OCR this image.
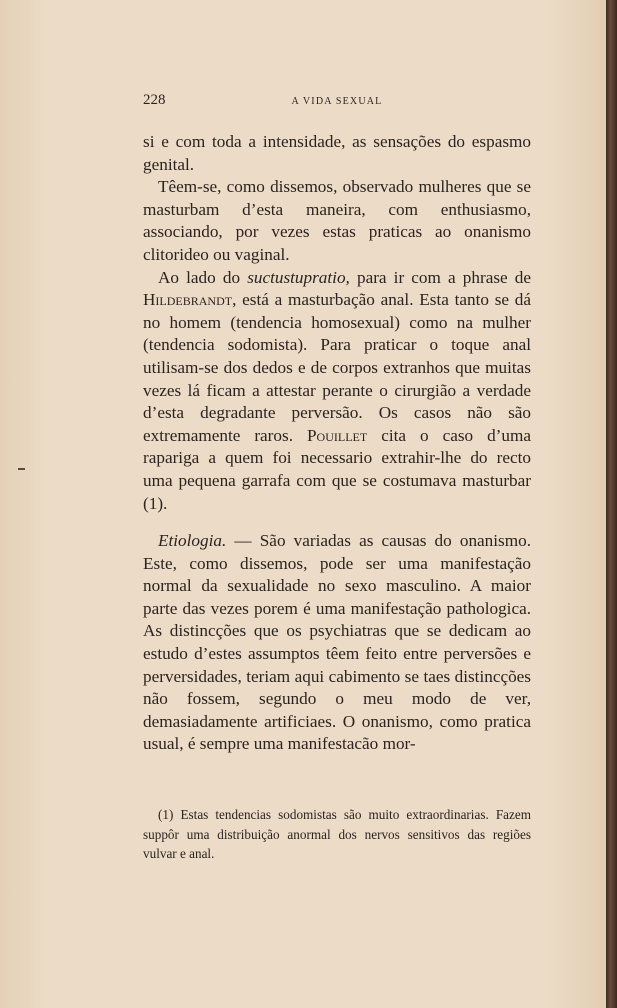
228	A VIDA SEXUAL

si e com toda a intensidade, as sensações do espasmo genital.

Têem-se, como dissemos, observado mulheres que se masturbam d’esta maneira, com enthusiasmo, associando, por vezes estas praticas ao onanismo clitorideo ou vaginal.

Ao lado do suctustupratio, para ir com a phrase de Hildebrandt, está a masturbação anal. Esta tanto se dá no homem (tendencia homosexual) como na mulher (tendencia sodomista). Para praticar o toque anal utilisam-se dos dedos e de corpos extranhos que muitas vezes lá ficam a attestar perante o cirurgião a verdade d’esta degradante perversão. Os casos não são extremamente raros. Pouillet cita o caso d’uma rapariga a quem foi necessario extrahir-lhe do recto uma pequena garrafa com que se costumava masturbar (1).

Etiologia. — São variadas as causas do onanismo. Este, como dissemos, pode ser uma manifestação normal da sexualidade no sexo masculino. A maior parte das vezes porem é uma manifestação pathologica. As distincções que os psychiatras que se dedicam ao estudo d’estes assumptos têem feito entre perversões e perversidades, teriam aqui cabimento se taes distincções não fossem, segundo o meu modo de ver, demasiadamente artificiaes. O onanismo, como pratica usual, é sempre uma manifestacão mor-

(1) Estas tendencias sodomistas são muito extraordinarias. Fazem suppôr uma distribuição anormal dos nervos sensitivos das regiões vulvar e anal.
